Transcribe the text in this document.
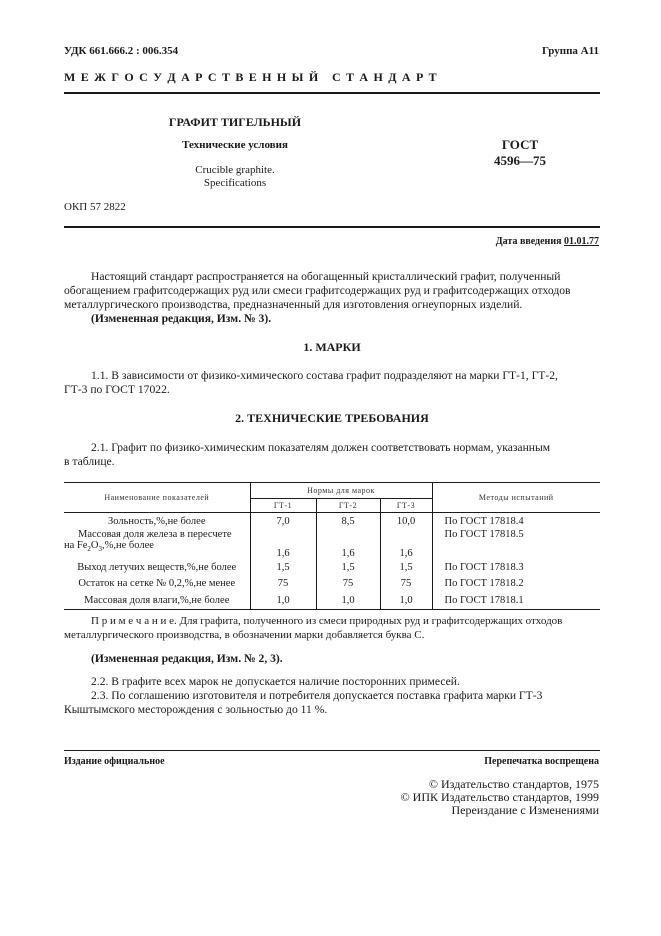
УДК 661.666.2 : 006.354	Группа А11
М Е Ж Г О С У Д А Р С Т В Е Н Н Ы Й   С Т А Н Д А Р Т
ГРАФИТ ТИГЕЛЬНЫЙ
Технические условия
Crucible graphite.
Specifications
ГОСТ
4596—75
ОКП 57 2822
Дата введения 01.01.77
Настоящий стандарт распространяется на обогащенный кристаллический графит, полученный
обогащением графитсодержащих руд или смеси графитсодержащих руд и графитсодержащих отходов
металлургического производства, предназначенный для изготовления огнеупорных изделий.
(Измененная редакция, Изм. № 3).
1. МАРКИ
1.1. В зависимости от физико-химического состава графит подразделяют на марки ГТ-1, ГТ-2,
ГТ-3 по ГОСТ 17022.
2. ТЕХНИЧЕСКИЕ ТРЕБОВАНИЯ
2.1. Графит по физико-химическим показателям должен соответствовать нормам, указанным
в таблице.
Наименование показателей	Нормы для марок			Методы испытаний
	ГТ-1	ГТ-2	ГТ-3	
Зольность,%,не более	7,0	8,5	10,0	По ГОСТ 17818.4

Массовая доля железа в пересчете
на $Fe_2O_3,\%,не$ более	1,6	1,6	1,6	По ГОСТ 17818.5
Выход летучих веществ,%,не более	1,5	1,5	1,5	По ГОСТ 17818.3
Остаток на сетке № 0,2,%,не менее	75	75	75	По ГОСТ 17818.2
Массовая доля влаги,%,не более	1,0	1,0	1,0	По ГОСТ 17818.1
П р и м е ч а н и е. Для графита, полученного из смеси природных руд и графитсодержащих отходов
металлургического производства, в обозначении марки добавляется буква С.
(Измененная редакция, Изм. № 2, 3).
2.2. В графите всех марок не допускается наличие посторонних примесей.
2.3. По соглашению изготовителя и потребителя допускается поставка графита марки ГТ-3
Кыштымского месторождения с зольностью до 11 %.
Издание официальное	Перепечатка воспрещена
© Издательство стандартов, 1975
© ИПК Издательство стандартов, 1999
Переиздание с Изменениями
